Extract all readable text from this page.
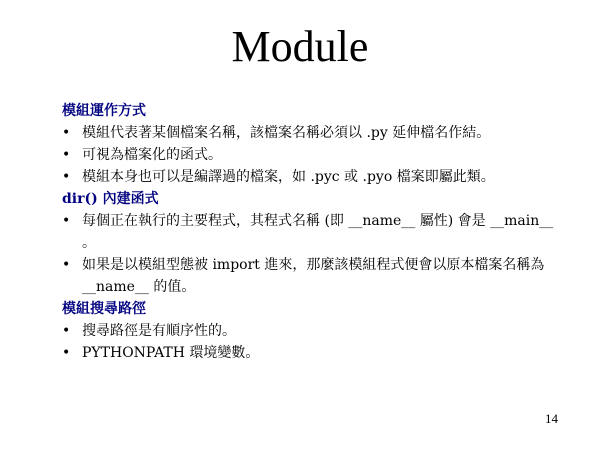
Module
模組運作方式
• 模組代表著某個檔案名稱，該檔案名稱必須以 .py 延伸檔名作結。
• 可視為檔案化的函式。
• 模組本身也可以是編譯過的檔案，如 .pyc 或 .pyo 檔案即屬此類。
dir() 內建函式
• 每個正在執行的主要程式，其程式名稱 (即 __name__ 屬性) 會是 __main__ 。
• 如果是以模組型態被 import 進來，那麼該模組程式便會以原本檔案名稱為 __name__ 的值。
模組搜尋路徑
• 搜尋路徑是有順序性的。
• PYTHONPATH 環境變數。
14
